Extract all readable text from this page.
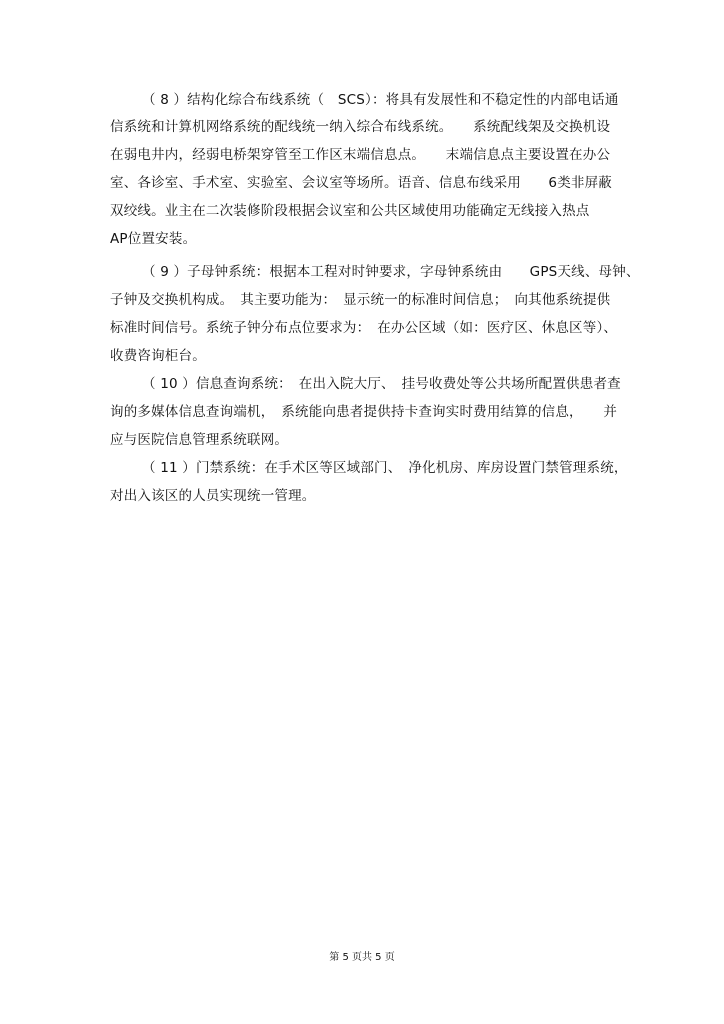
（ 8 ）结构化综合布线系统（　SCS）：将具有发展性和不稳定性的内部电话通
信系统和计算机网络系统的配线统一纳入综合布线系统。　　系统配线架及交换机设
在弱电井内，经弱电桥架穿管至工作区末端信息点。　　末端信息点主要设置在办公
室、各诊室、手术室、实验室、会议室等场所。语音、信息布线采用　　6类非屏蔽
双绞线。业主在二次装修阶段根据会议室和公共区域使用功能确定无线接入热点
AP位置安装。
（ 9 ）子母钟系统：根据本工程对时钟要求，字母钟系统由　　GPS天线、母钟、
子钟及交换机构成。　其主要功能为：　显示统一的标准时间信息；　向其他系统提供
标准时间信号。系统子钟分布点位要求为：　在办公区域（如：医疗区、休息区等）、
收费咨询柜台。
（ 10 ）信息查询系统：　在出入院大厅、　挂号收费处等公共场所配置供患者查
询的多媒体信息查询端机，　系统能向患者提供持卡查询实时费用结算的信息，　　并
应与医院信息管理系统联网。
（ 11 ）门禁系统：在手术区等区域部门、　净化机房、库房设置门禁管理系统，
对出入该区的人员实现统一管理。
第 5 页共 5 页
